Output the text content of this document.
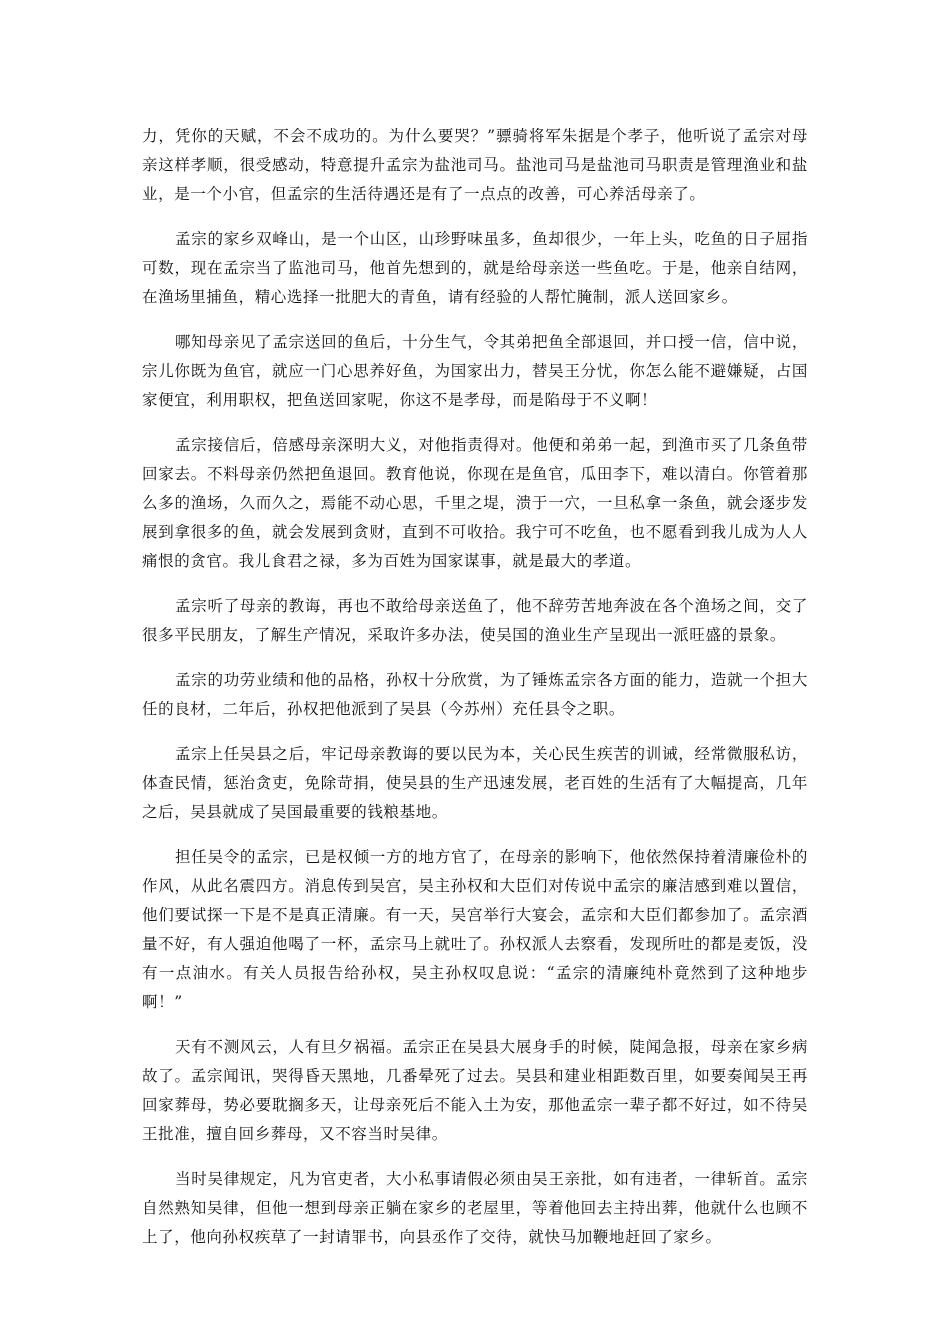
力，凭你的天赋，不会不成功的。为什么要哭？”骠骑将军朱据是个孝子，他听说了孟宗对母亲这样孝顺，很受感动，特意提升孟宗为盐池司马。盐池司马是盐池司马职责是管理渔业和盐业，是一个小官，但孟宗的生活待遇还是有了一点点的改善，可心养活母亲了。

孟宗的家乡双峰山，是一个山区，山珍野味虽多，鱼却很少，一年上头，吃鱼的日子屈指可数，现在孟宗当了监池司马，他首先想到的，就是给母亲送一些鱼吃。于是，他亲自结网，在渔场里捕鱼，精心选择一批肥大的青鱼，请有经验的人帮忙腌制，派人送回家乡。

哪知母亲见了孟宗送回的鱼后，十分生气，令其弟把鱼全部退回，并口授一信，信中说，宗儿你既为鱼官，就应一门心思养好鱼，为国家出力，替吴王分忧，你怎么能不避嫌疑，占国家便宜，利用职权，把鱼送回家呢，你这不是孝母，而是陷母于不义啊！

孟宗接信后，倍感母亲深明大义，对他指责得对。他便和弟弟一起，到渔市买了几条鱼带回家去。不料母亲仍然把鱼退回。教育他说，你现在是鱼官，瓜田李下，难以清白。你管着那么多的渔场，久而久之，焉能不动心思，千里之堤，溃于一穴，一旦私拿一条鱼，就会逐步发展到拿很多的鱼，就会发展到贪财，直到不可收拾。我宁可不吃鱼，也不愿看到我儿成为人人痛恨的贪官。我儿食君之禄，多为百姓为国家谋事，就是最大的孝道。

孟宗听了母亲的教诲，再也不敢给母亲送鱼了，他不辞劳苦地奔波在各个渔场之间，交了很多平民朋友，了解生产情况，采取许多办法，使吴国的渔业生产呈现出一派旺盛的景象。

孟宗的功劳业绩和他的品格，孙权十分欣赏，为了锤炼孟宗各方面的能力，造就一个担大任的良材，二年后，孙权把他派到了吴县（今苏州）充任县令之职。

孟宗上任吴县之后，牢记母亲教诲的要以民为本，关心民生疾苦的训诫，经常微服私访，体查民情，惩治贪吏，免除苛捐，使吴县的生产迅速发展，老百姓的生活有了大幅提高，几年之后，吴县就成了吴国最重要的钱粮基地。

担任吴令的孟宗，已是权倾一方的地方官了，在母亲的影响下，他依然保持着清廉俭朴的作风，从此名震四方。消息传到吴宫，吴主孙权和大臣们对传说中孟宗的廉洁感到难以置信，他们要试探一下是不是真正清廉。有一天，吴宫举行大宴会，孟宗和大臣们都参加了。孟宗酒量不好，有人强迫他喝了一杯，孟宗马上就吐了。孙权派人去察看，发现所吐的都是麦饭，没有一点油水。有关人员报告给孙权，吴主孙权叹息说：“孟宗的清廉纯朴竟然到了这种地步啊！”

天有不测风云，人有旦夕祸福。孟宗正在吴县大展身手的时候，陡闻急报，母亲在家乡病故了。孟宗闻讯，哭得昏天黑地，几番晕死了过去。吴县和建业相距数百里，如要奏闻吴王再回家葬母，势必要耽搁多天，让母亲死后不能入土为安，那他孟宗一辈子都不好过，如不待吴王批准，擅自回乡葬母，又不容当时吴律。

当时吴律规定，凡为官吏者，大小私事请假必须由吴王亲批，如有违者，一律斩首。孟宗自然熟知吴律，但他一想到母亲正躺在家乡的老屋里，等着他回去主持出葬，他就什么也顾不上了，他向孙权疾草了一封请罪书，向县丞作了交待，就快马加鞭地赶回了家乡。
